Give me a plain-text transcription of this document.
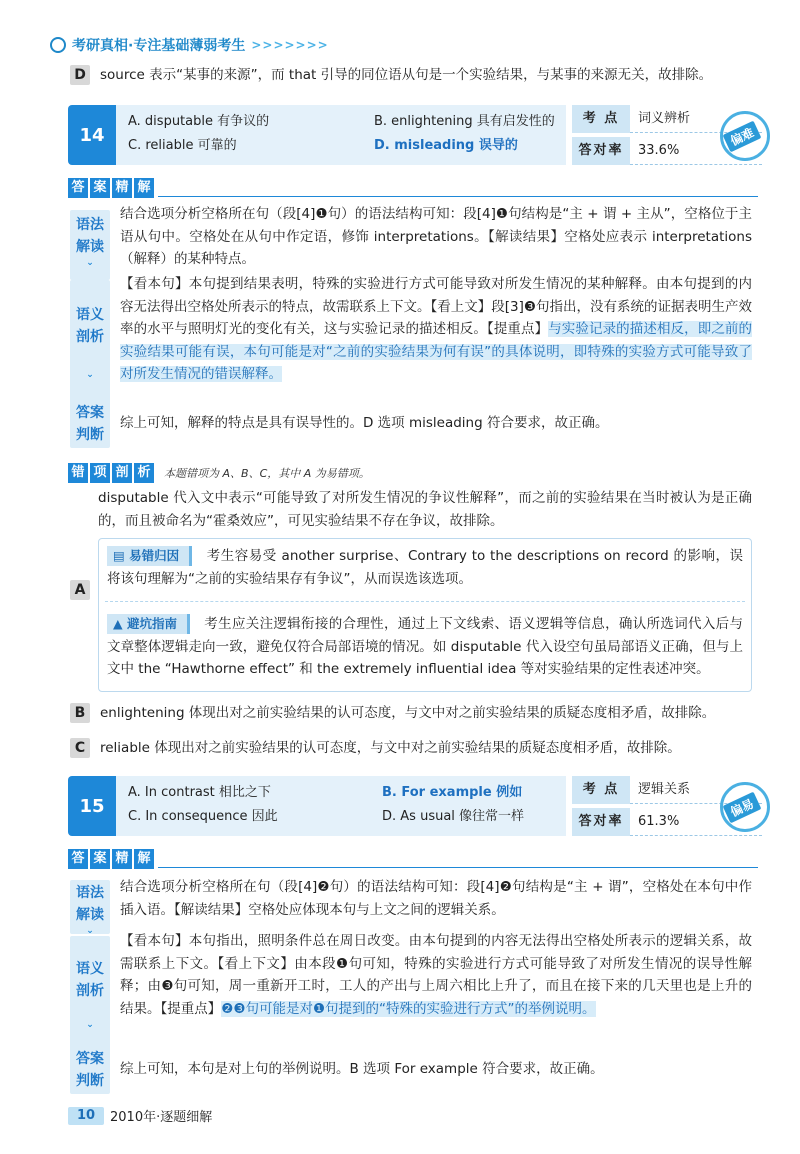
考研真相·专注基础薄弱考生 >>>>>>>
D	source 表示“某事的来源”，而 that 引导的同位语从句是一个实验结果，与某事的来源无关，故排除。
14
A. disputable 有争议的	B. enlightening 具有启发性的
C. reliable 可靠的	D. misleading 误导的
考 点	词义辨析
答对率	33.6%
偏难
答 案 精 解
语法
解读
⌄
结合选项分析空格所在句（段[4]❶句）的语法结构可知：段[4]❶句结构是“主 + 谓 + 主从”，空格位于主语从句中。空格处在从句中作定语，修饰 interpretations。【解读结果】空格处应表示 interpretations（解释）的某种特点。
语义
剖析
⌄
【看本句】本句提到结果表明，特殊的实验进行方式可能导致对所发生情况的某种解释。由本句提到的内容无法得出空格处所表示的特点，故需联系上下文。【看上文】段[3]❸句指出，没有系统的证据表明生产效率的水平与照明灯光的变化有关，这与实验记录的描述相反。【提重点】与实验记录的描述相反，即之前的实验结果可能有误，本句可能是对“之前的实验结果为何有误”的具体说明，即特殊的实验方式可能导致了对所发生情况的错误解释。
答案
判断
综上可知，解释的特点是具有误导性的。D 选项 misleading 符合要求，故正确。
错 项 剖 析	本题错项为 A、B、C，其中 A 为易错项。
A
disputable 代入文中表示“可能导致了对所发生情况的争议性解释”，而之前的实验结果在当时被认为是正确的，而且被命名为“霍桑效应”，可见实验结果不存在争议，故排除。
▤ 易错归因 考生容易受 another surprise、Contrary to the descriptions on record 的影响，误将该句理解为“之前的实验结果存有争议”，从而误选该选项。
▲ 避坑指南 考生应关注逻辑衔接的合理性，通过上下文线索、语义逻辑等信息，确认所选词代入后与文章整体逻辑走向一致，避免仅符合局部语境的情况。如 disputable 代入设空句虽局部语义正确，但与上文中 the “Hawthorne effect” 和 the extremely influential idea 等对实验结果的定性表述冲突。
B	enlightening 体现出对之前实验结果的认可态度，与文中对之前实验结果的质疑态度相矛盾，故排除。
C	reliable 体现出对之前实验结果的认可态度，与文中对之前实验结果的质疑态度相矛盾，故排除。
15
A. In contrast 相比之下	B. For example 例如
C. In consequence 因此	D. As usual 像往常一样
考 点	逻辑关系
答对率	61.3%
偏易
答 案 精 解
语法
解读
⌄
结合选项分析空格所在句（段[4]❷句）的语法结构可知：段[4]❷句结构是“主 + 谓”，空格处在本句中作插入语。【解读结果】空格处应体现本句与上文之间的逻辑关系。
语义
剖析
⌄
【看本句】本句指出，照明条件总在周日改变。由本句提到的内容无法得出空格处所表示的逻辑关系，故需联系上下文。【看上下文】由本段❶句可知，特殊的实验进行方式可能导致了对所发生情况的误导性解释；由❸句可知，周一重新开工时，工人的产出与上周六相比上升了，而且在接下来的几天里也是上升的结果。【提重点】❷❸句可能是对❶句提到的“特殊的实验进行方式”的举例说明。
答案
判断
综上可知，本句是对上句的举例说明。B 选项 For example 符合要求，故正确。
10	2010年·逐题细解
